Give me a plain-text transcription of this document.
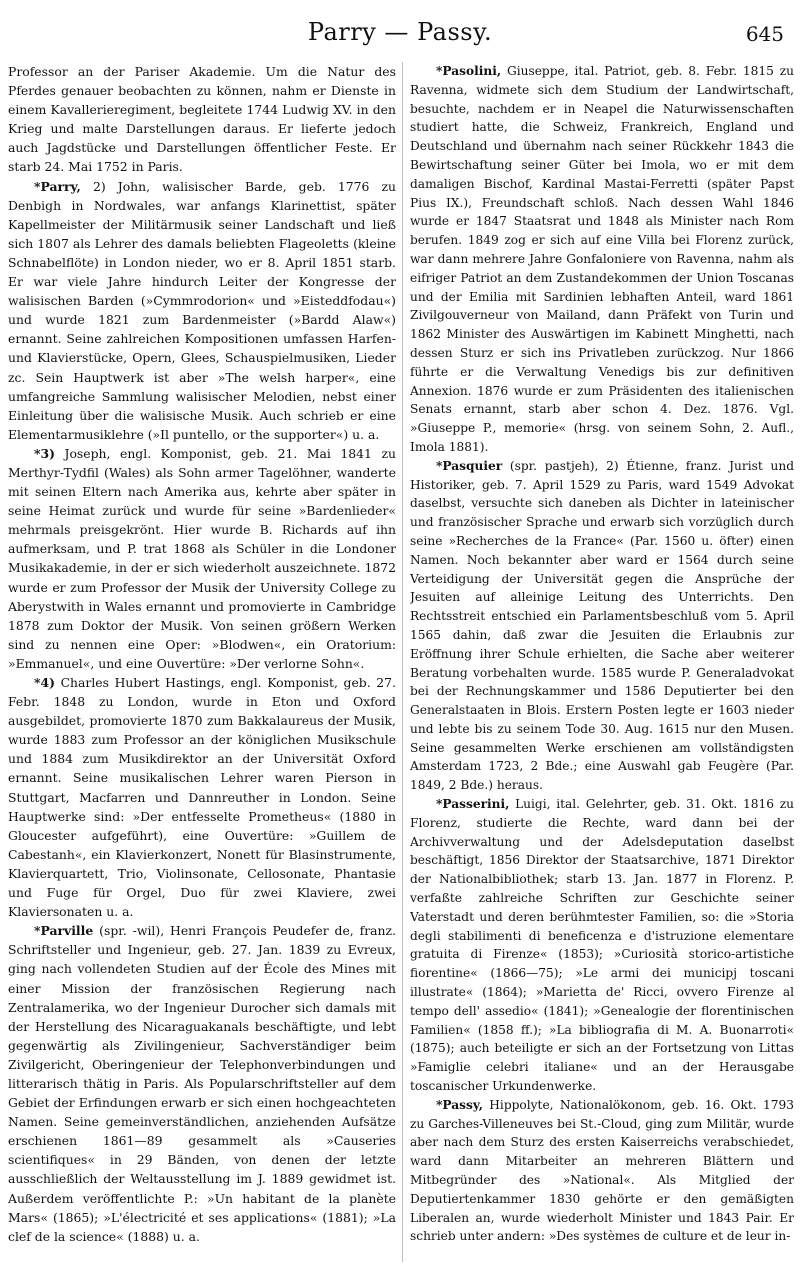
Parry — Passy.	645

Professor an der Pariser Akademie. Um die Natur des Pferdes genauer beobachten zu können, nahm er Dienste in einem Kavallerieregiment, begleitete 1744 Ludwig XV. in den Krieg und malte Darstellungen daraus. Er lieferte jedoch auch Jagdstücke und Darstellungen öffentlicher Feste. Er starb 24. Mai 1752 in Paris.

*Parry, 2) John, walisischer Barde, geb. 1776 zu Denbigh in Nordwales, war anfangs Klarinettist, später Kapellmeister der Militärmusik seiner Landschaft und ließ sich 1807 als Lehrer des damals beliebten Flageoletts (kleine Schnabelflöte) in London nieder, wo er 8. April 1851 starb. Er war viele Jahre hindurch Leiter der Kongresse der walisischen Barden (»Cymmrodorion« und »Eisteddfodau«) und wurde 1821 zum Bardenmeister (»Bardd Alaw«) ernannt. Seine zahlreichen Kompositionen umfassen Harfen- und Klavierstücke, Opern, Glees, Schauspielmusiken, Lieder zc. Sein Hauptwerk ist aber »The welsh harper«, eine umfangreiche Sammlung walisischer Melodien, nebst einer Einleitung über die walisische Musik. Auch schrieb er eine Elementarmusiklehre (»Il puntello, or the supporter«) u. a.

*3) Joseph, engl. Komponist, geb. 21. Mai 1841 zu Merthyr-Tydfil (Wales) als Sohn armer Tagelöhner, wanderte mit seinen Eltern nach Amerika aus, kehrte aber später in seine Heimat zurück und wurde für seine »Bardenlieder« mehrmals preisgekrönt. Hier wurde B. Richards auf ihn aufmerksam, und P. trat 1868 als Schüler in die Londoner Musikakademie, in der er sich wiederholt auszeichnete. 1872 wurde er zum Professor der Musik der University College zu Aberystwith in Wales ernannt und promovierte in Cambridge 1878 zum Doktor der Musik. Von seinen größern Werken sind zu nennen eine Oper: »Blodwen«, ein Oratorium: »Emmanuel«, und eine Ouvertüre: »Der verlorne Sohn«.

*4) Charles Hubert Hastings, engl. Komponist, geb. 27. Febr. 1848 zu London, wurde in Eton und Oxford ausgebildet, promovierte 1870 zum Bakkalaureus der Musik, wurde 1883 zum Professor an der königlichen Musikschule und 1884 zum Musikdirektor an der Universität Oxford ernannt. Seine musikalischen Lehrer waren Pierson in Stuttgart, Macfarren und Dannreuther in London. Seine Hauptwerke sind: »Der entfesselte Prometheus« (1880 in Gloucester aufgeführt), eine Ouvertüre: »Guillem de Cabestanh«, ein Klavierkonzert, Nonett für Blasinstrumente, Klavierquartett, Trio, Violinsonate, Cellosonate, Phantasie und Fuge für Orgel, Duo für zwei Klaviere, zwei Klaviersonaten u. a.

*Parville (spr. -wil), Henri François Peudefer de, franz. Schriftsteller und Ingenieur, geb. 27. Jan. 1839 zu Evreux, ging nach vollendeten Studien auf der École des Mines mit einer Mission der französischen Regierung nach Zentralamerika, wo der Ingenieur Durocher sich damals mit der Herstellung des Nicaraguakanals beschäftigte, und lebt gegenwärtig als Zivilingenieur, Sachverständiger beim Zivilgericht, Oberingenieur der Telephonverbindungen und litterarisch thätig in Paris. Als Popularschriftsteller auf dem Gebiet der Erfindungen erwarb er sich einen hochgeachteten Namen. Seine gemeinverständlichen, anziehenden Aufsätze erschienen 1861—89 gesammelt als »Causeries scientifiques« in 29 Bänden, von denen der letzte ausschließlich der Weltausstellung im J. 1889 gewidmet ist. Außerdem veröffentlichte P.: »Un habitant de la planète Mars« (1865); »L'électricité et ses applications« (1881); »La clef de la science« (1888) u. a.

*Pasolini, Giuseppe, ital. Patriot, geb. 8. Febr. 1815 zu Ravenna, widmete sich dem Studium der Landwirtschaft, besuchte, nachdem er in Neapel die Naturwissenschaften studiert hatte, die Schweiz, Frankreich, England und Deutschland und übernahm nach seiner Rückkehr 1843 die Bewirtschaftung seiner Güter bei Imola, wo er mit dem damaligen Bischof, Kardinal Mastai-Ferretti (später Papst Pius IX.), Freundschaft schloß. Nach dessen Wahl 1846 wurde er 1847 Staatsrat und 1848 als Minister nach Rom berufen. 1849 zog er sich auf eine Villa bei Florenz zurück, war dann mehrere Jahre Gonfaloniere von Ravenna, nahm als eifriger Patriot an dem Zustandekommen der Union Toscanas und der Emilia mit Sardinien lebhaften Anteil, ward 1861 Zivilgouverneur von Mailand, dann Präfekt von Turin und 1862 Minister des Auswärtigen im Kabinett Minghetti, nach dessen Sturz er sich ins Privatleben zurückzog. Nur 1866 führte er die Verwaltung Venedigs bis zur definitiven Annexion. 1876 wurde er zum Präsidenten des italienischen Senats ernannt, starb aber schon 4. Dez. 1876. Vgl. »Giuseppe P., memorie« (hrsg. von seinem Sohn, 2. Aufl., Imola 1881).

*Pasquier (spr. pastjeh), 2) Étienne, franz. Jurist und Historiker, geb. 7. April 1529 zu Paris, ward 1549 Advokat daselbst, versuchte sich daneben als Dichter in lateinischer und französischer Sprache und erwarb sich vorzüglich durch seine »Recherches de la France« (Par. 1560 u. öfter) einen Namen. Noch bekannter aber ward er 1564 durch seine Verteidigung der Universität gegen die Ansprüche der Jesuiten auf alleinige Leitung des Unterrichts. Den Rechtsstreit entschied ein Parlamentsbeschluß vom 5. April 1565 dahin, daß zwar die Jesuiten die Erlaubnis zur Eröffnung ihrer Schule erhielten, die Sache aber weiterer Beratung vorbehalten wurde. 1585 wurde P. Generaladvokat bei der Rechnungskammer und 1586 Deputierter bei den Generalstaaten in Blois. Erstern Posten legte er 1603 nieder und lebte bis zu seinem Tode 30. Aug. 1615 nur den Musen. Seine gesammelten Werke erschienen am vollständigsten Amsterdam 1723, 2 Bde.; eine Auswahl gab Feugère (Par. 1849, 2 Bde.) heraus.

*Passerini, Luigi, ital. Gelehrter, geb. 31. Okt. 1816 zu Florenz, studierte die Rechte, ward dann bei der Archivverwaltung und der Adelsdeputation daselbst beschäftigt, 1856 Direktor der Staatsarchive, 1871 Direktor der Nationalbibliothek; starb 13. Jan. 1877 in Florenz. P. verfaßte zahlreiche Schriften zur Geschichte seiner Vaterstadt und deren berühmtester Familien, so: die »Storia degli stabilimenti di beneficenza e d'istruzione elementare gratuita di Firenze« (1853); »Curiosità storico-artistiche fiorentine« (1866—75); »Le armi dei municipj toscani illustrate« (1864); »Marietta de' Ricci, ovvero Firenze al tempo dell' assedio« (1841); »Genealogie der florentinischen Familien« (1858 ff.); »La bibliografia di M. A. Buonarroti« (1875); auch beteiligte er sich an der Fortsetzung von Littas »Famiglie celebri italiane« und an der Herausgabe toscanischer Urkundenwerke.

*Passy, Hippolyte, Nationalökonom, geb. 16. Okt. 1793 zu Garches-Villeneuves bei St.-Cloud, ging zum Militär, wurde aber nach dem Sturz des ersten Kaiserreichs verabschiedet, ward dann Mitarbeiter an mehreren Blättern und Mitbegründer des »National«. Als Mitglied der Deputiertenkammer 1830 gehörte er den gemäßigten Liberalen an, wurde wiederholt Minister und 1843 Pair. Er schrieb unter andern: »Des systèmes de culture et de leur in-
